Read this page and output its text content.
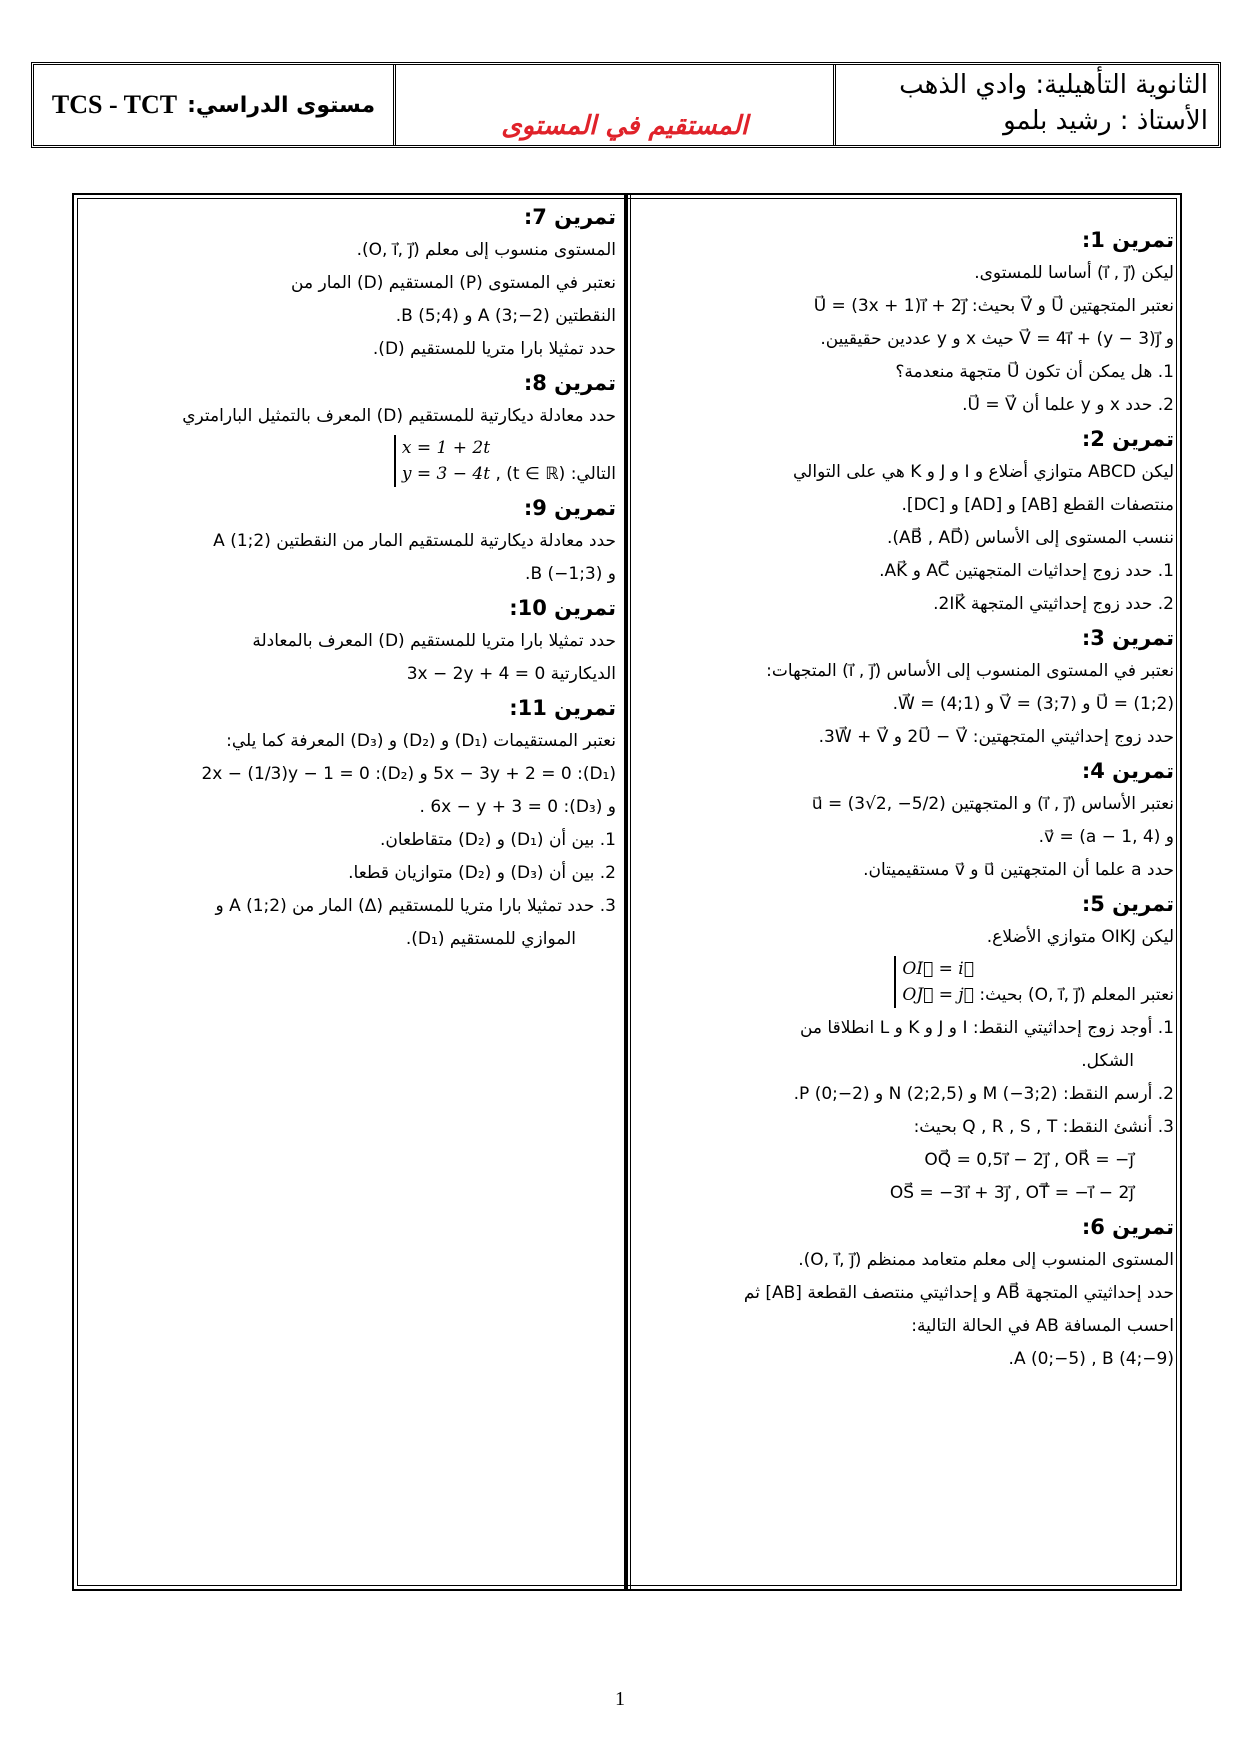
TCS - TCT مستوى الدراسي:
المستقيم في المستوى
الثانوية التأهيلية: وادي الذهب
الأستاذ : رشيد بلمو
تمرين 1:
ليكن (i⃗ , j⃗) أساسا للمستوى.
نعتبر المتجهتين U⃗ و V⃗ بحيث: U⃗ = (3x + 1)i⃗ + 2j⃗
و V⃗ = 4i⃗ + (y − 3)j⃗ حيث x و y عددين حقيقيين.
1. هل يمكن أن تكون U⃗ متجهة منعدمة؟
2. حدد x و y علما أن U⃗ = V⃗.
تمرين 2:
ليكن ABCD متوازي أضلاع و I و J و K هي على التوالي
منتصفات القطع [AB] و [AD] و [DC].
ننسب المستوى إلى الأساس (AB⃗ , AD⃗).
1. حدد زوج إحداثيات المتجهتين AC⃗ و AK⃗.
2. حدد زوج إحداثيتي المتجهة 2IK⃗.
تمرين 3:
نعتبر في المستوى المنسوب إلى الأساس (i⃗ , j⃗) المتجهات:
U⃗ = (1;2) و V⃗ = (3;7) و W⃗ = (4;1).
حدد زوج إحداثيتي المتجهتين: 2U⃗ − V⃗ و 3W⃗ + V⃗.
تمرين 4:
نعتبر الأساس (i⃗ , j⃗) و المتجهتين u⃗ = (3√2, −5/2)
و v⃗ = (a − 1, 4).
حدد a علما أن المتجهتين u⃗ و v⃗ مستقيميتان.
تمرين 5:
ليكن OIKJ متوازي الأضلاع.
نعتبر المعلم (O, i⃗, j⃗) بحيث: OI⃗ = i⃗
OJ⃗ = j⃗
1. أوجد زوج إحداثيتي النقط: I و J و K و L انطلاقا من
الشكل.
2. أرسم النقط: M (−3;2) و N (2;2,5) و P (0;−2).
3. أنشئ النقط: Q , R , S , T بحيث:
OQ⃗ = 0,5i⃗ − 2j⃗ , OR⃗ = −j⃗
OS⃗ = −3i⃗ + 3j⃗ , OT⃗ = −i⃗ − 2j⃗
تمرين 6:
المستوى المنسوب إلى معلم متعامد ممنظم (O, i⃗, j⃗).
حدد إحداثيتي المتجهة AB⃗ و إحداثيتي منتصف القطعة [AB] ثم
احسب المسافة AB في الحالة التالية:
A (0;−5) , B (4;−9).
تمرين 7:
المستوى منسوب إلى معلم (O, i⃗, j⃗).
نعتبر في المستوى (P) المستقيم (D) المار من
النقطتين A (3;−2) و B (5;4).
حدد تمثيلا بارا متريا للمستقيم (D).
تمرين 8:
حدد معادلة ديكارتية للمستقيم (D) المعرف بالتمثيل البارامتري
التالي: (t ∈ ℝ) , x = 1 + 2t
y = 3 − 4t
تمرين 9:
حدد معادلة ديكارتية للمستقيم المار من النقطتين A (1;2)
و B (−1;3).
تمرين 10:
حدد تمثيلا بارا متريا للمستقيم (D) المعرف بالمعادلة
الديكارتية 3x − 2y + 4 = 0
تمرين 11:
نعتبر المستقيمات (D₁) و (D₂) و (D₃) المعرفة كما يلي:
(D₁): 5x − 3y + 2 = 0 و (D₂): 2x − (1/3)y − 1 = 0
و (D₃): 6x − y + 3 = 0 .
1. بين أن (D₁) و (D₂) متقاطعان.
2. بين أن (D₃) و (D₂) متوازيان قطعا.
3. حدد تمثيلا بارا متريا للمستقيم (Δ) المار من A (1;2) و
الموازي للمستقيم (D₁).
1
